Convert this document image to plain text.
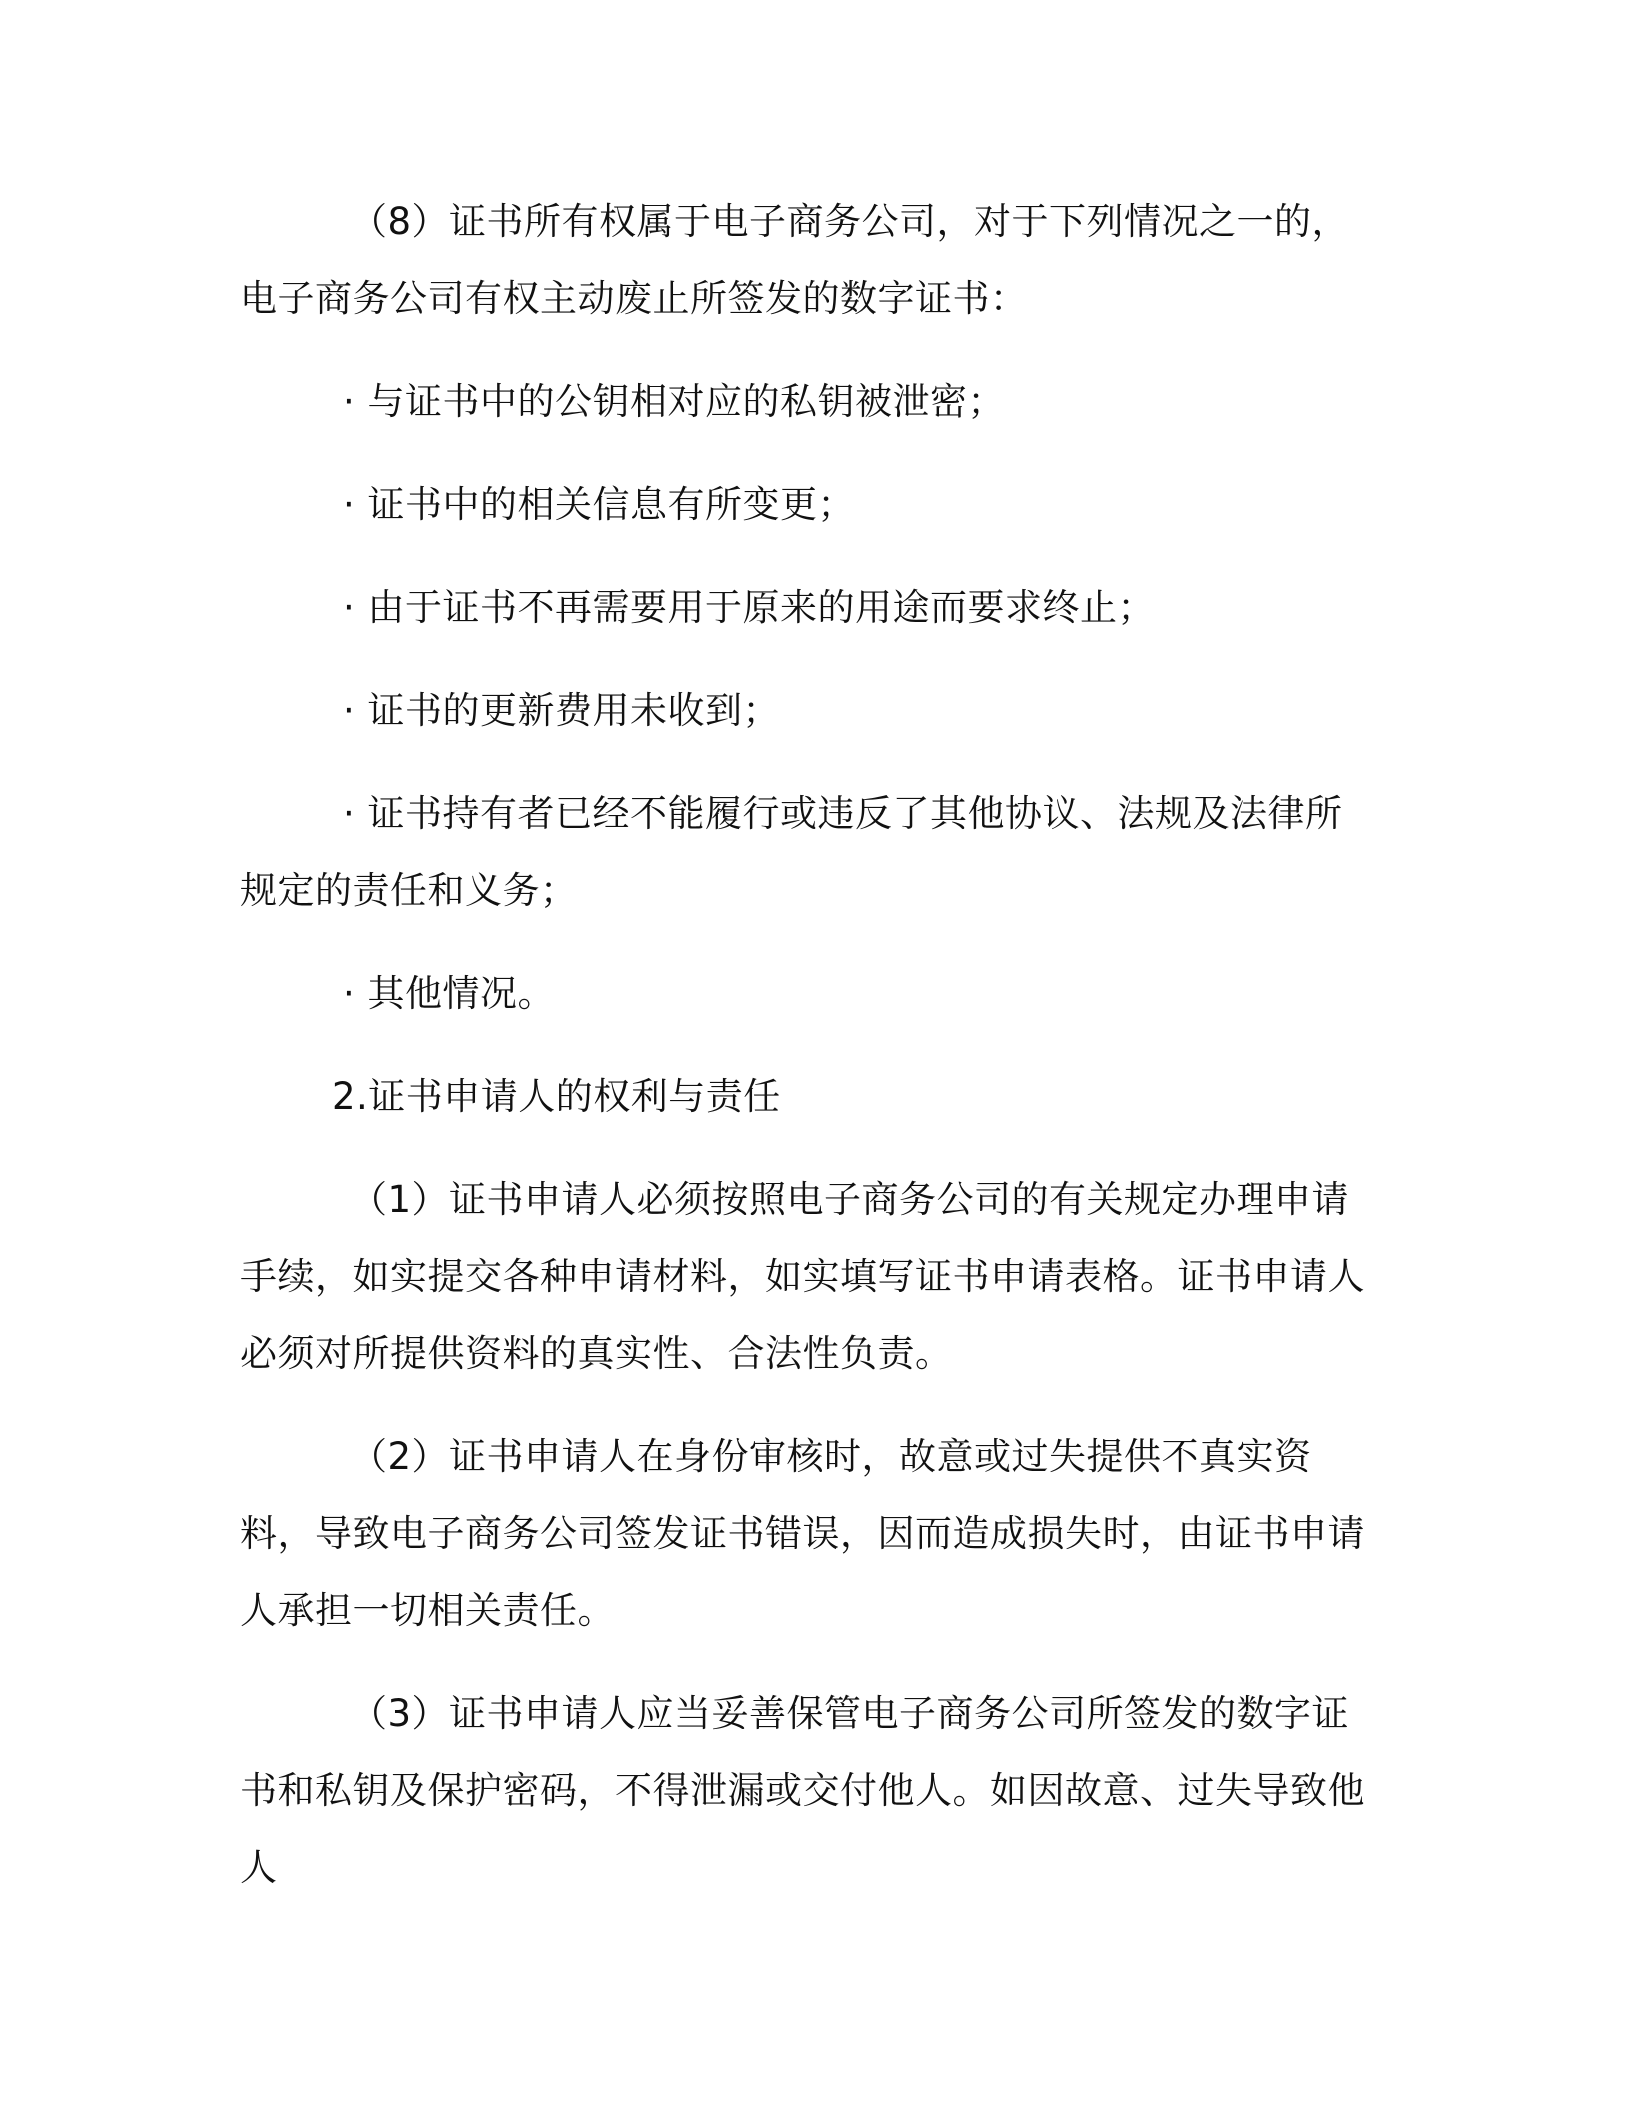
（8）证书所有权属于电子商务公司，对于下列情况之一的，电子商务公司有权主动废止所签发的数字证书：

· 与证书中的公钥相对应的私钥被泄密；

· 证书中的相关信息有所变更；

· 由于证书不再需要用于原来的用途而要求终止；

· 证书的更新费用未收到；

· 证书持有者已经不能履行或违反了其他协议、法规及法律所规定的责任和义务；

· 其他情况。

2.证书申请人的权利与责任

（1）证书申请人必须按照电子商务公司的有关规定办理申请手续，如实提交各种申请材料，如实填写证书申请表格。证书申请人必须对所提供资料的真实性、合法性负责。

（2）证书申请人在身份审核时，故意或过失提供不真实资料，导致电子商务公司签发证书错误，因而造成损失时，由证书申请人承担一切相关责任。

（3）证书申请人应当妥善保管电子商务公司所签发的数字证书和私钥及保护密码，不得泄漏或交付他人。如因故意、过失导致他人
